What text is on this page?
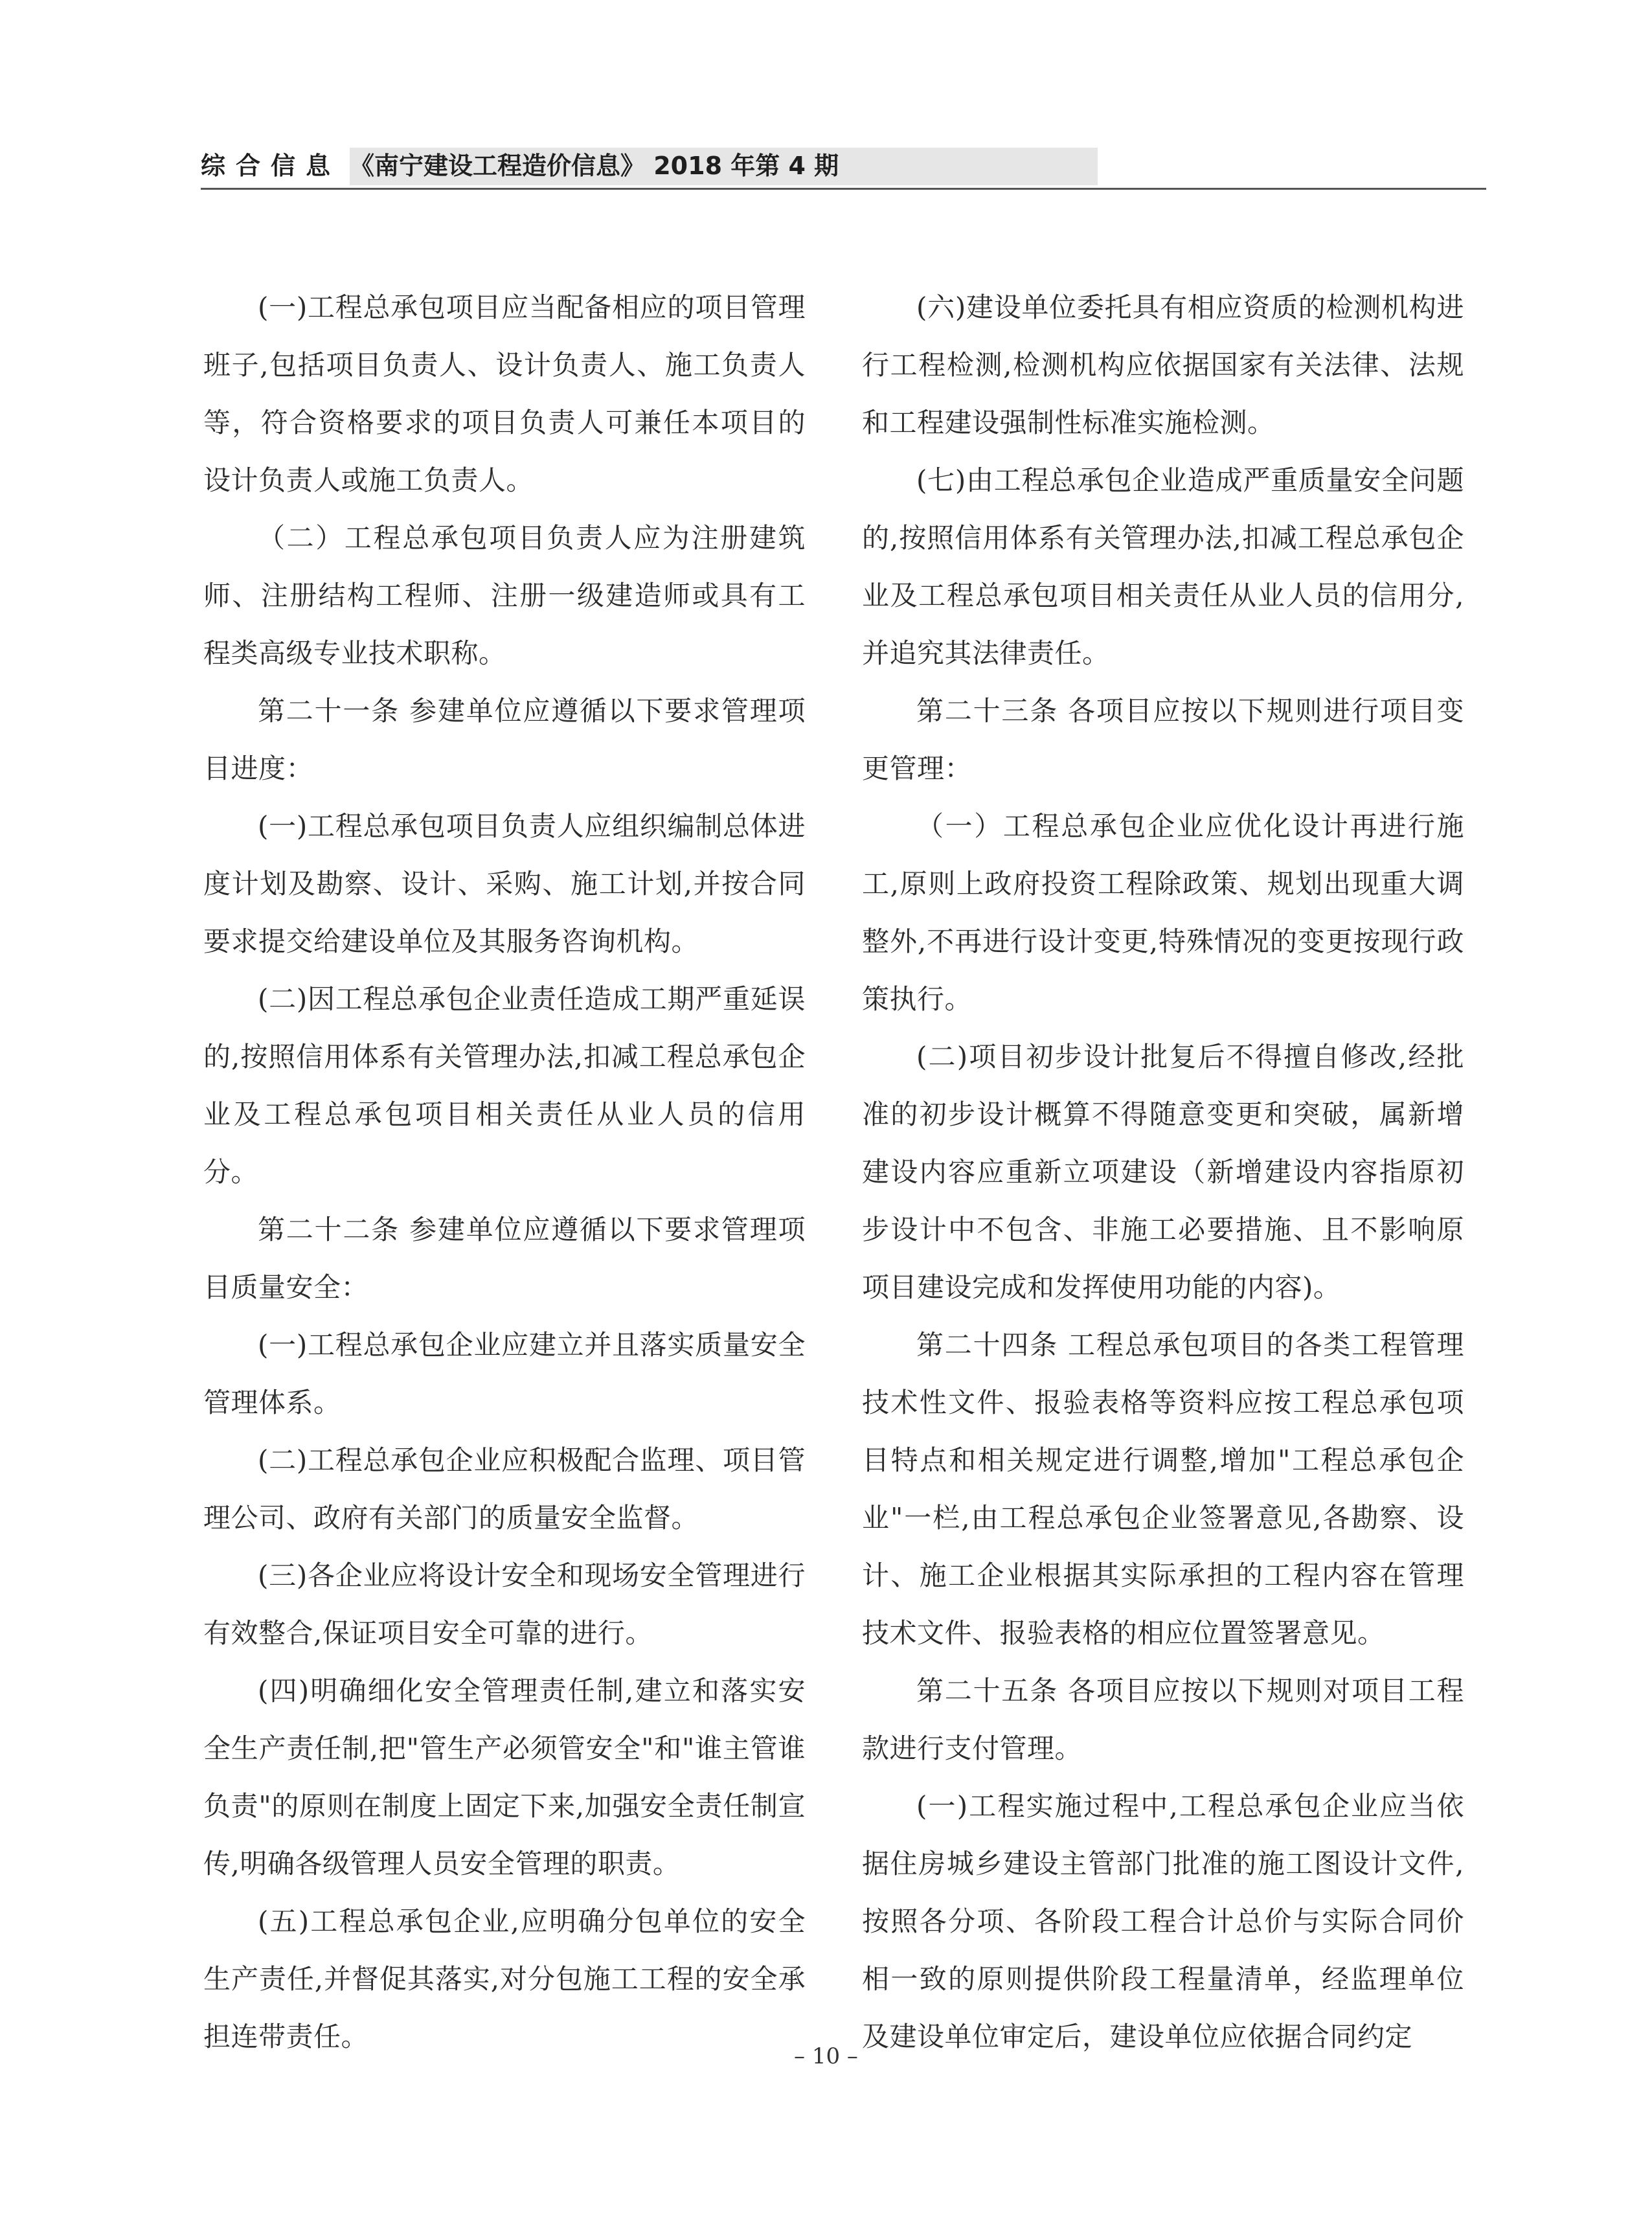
综合信息 《南宁建设工程造价信息》 2018 年第 4 期

(一)工程总承包项目应当配备相应的项目管理班子,包括项目负责人、设计负责人、施工负责人等，符合资格要求的项目负责人可兼任本项目的设计负责人或施工负责人。

（二）工程总承包项目负责人应为注册建筑师、注册结构工程师、注册一级建造师或具有工程类高级专业技术职称。

第二十一条 参建单位应遵循以下要求管理项目进度：

(一)工程总承包项目负责人应组织编制总体进度计划及勘察、设计、采购、施工计划,并按合同要求提交给建设单位及其服务咨询机构。

(二)因工程总承包企业责任造成工期严重延误的,按照信用体系有关管理办法,扣减工程总承包企业及工程总承包项目相关责任从业人员的信用分。

第二十二条 参建单位应遵循以下要求管理项目质量安全：

(一)工程总承包企业应建立并且落实质量安全管理体系。

(二)工程总承包企业应积极配合监理、项目管理公司、政府有关部门的质量安全监督。

(三)各企业应将设计安全和现场安全管理进行有效整合,保证项目安全可靠的进行。

(四)明确细化安全管理责任制,建立和落实安全生产责任制,把"管生产必须管安全"和"谁主管谁负责"的原则在制度上固定下来,加强安全责任制宣传,明确各级管理人员安全管理的职责。

(五)工程总承包企业,应明确分包单位的安全生产责任,并督促其落实,对分包施工工程的安全承担连带责任。

(六)建设单位委托具有相应资质的检测机构进行工程检测,检测机构应依据国家有关法律、法规和工程建设强制性标准实施检测。

(七)由工程总承包企业造成严重质量安全问题的,按照信用体系有关管理办法,扣减工程总承包企业及工程总承包项目相关责任从业人员的信用分,并追究其法律责任。

第二十三条 各项目应按以下规则进行项目变更管理：

（一）工程总承包企业应优化设计再进行施工,原则上政府投资工程除政策、规划出现重大调整外,不再进行设计变更,特殊情况的变更按现行政策执行。

(二)项目初步设计批复后不得擅自修改,经批准的初步设计概算不得随意变更和突破，属新增建设内容应重新立项建设（新增建设内容指原初步设计中不包含、非施工必要措施、且不影响原项目建设完成和发挥使用功能的内容)。

第二十四条 工程总承包项目的各类工程管理技术性文件、报验表格等资料应按工程总承包项目特点和相关规定进行调整,增加"工程总承包企业"一栏,由工程总承包企业签署意见,各勘察、设计、施工企业根据其实际承担的工程内容在管理技术文件、报验表格的相应位置签署意见。

第二十五条 各项目应按以下规则对项目工程款进行支付管理。

(一)工程实施过程中,工程总承包企业应当依据住房城乡建设主管部门批准的施工图设计文件,按照各分项、各阶段工程合计总价与实际合同价相一致的原则提供阶段工程量清单，经监理单位及建设单位审定后，建设单位应依据合同约定

– 10 –
